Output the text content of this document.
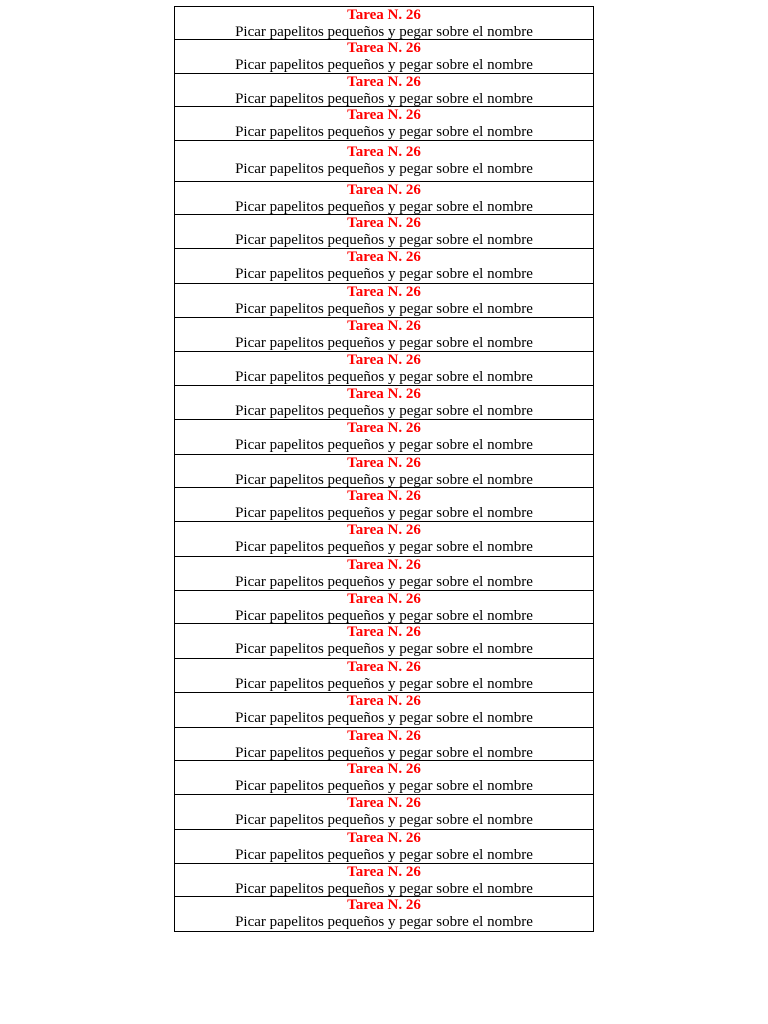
Tarea N. 26
Picar papelitos pequeños y pegar sobre el nombre
Tarea N. 26
Picar papelitos pequeños y pegar sobre el nombre
Tarea N. 26
Picar papelitos pequeños y pegar sobre el nombre
Tarea N. 26
Picar papelitos pequeños y pegar sobre el nombre
Tarea N. 26
Picar papelitos pequeños y pegar sobre el nombre
Tarea N. 26
Picar papelitos pequeños y pegar sobre el nombre
Tarea N. 26
Picar papelitos pequeños y pegar sobre el nombre
Tarea N. 26
Picar papelitos pequeños y pegar sobre el nombre
Tarea N. 26
Picar papelitos pequeños y pegar sobre el nombre
Tarea N. 26
Picar papelitos pequeños y pegar sobre el nombre
Tarea N. 26
Picar papelitos pequeños y pegar sobre el nombre
Tarea N. 26
Picar papelitos pequeños y pegar sobre el nombre
Tarea N. 26
Picar papelitos pequeños y pegar sobre el nombre
Tarea N. 26
Picar papelitos pequeños y pegar sobre el nombre
Tarea N. 26
Picar papelitos pequeños y pegar sobre el nombre
Tarea N. 26
Picar papelitos pequeños y pegar sobre el nombre
Tarea N. 26
Picar papelitos pequeños y pegar sobre el nombre
Tarea N. 26
Picar papelitos pequeños y pegar sobre el nombre
Tarea N. 26
Picar papelitos pequeños y pegar sobre el nombre
Tarea N. 26
Picar papelitos pequeños y pegar sobre el nombre
Tarea N. 26
Picar papelitos pequeños y pegar sobre el nombre
Tarea N. 26
Picar papelitos pequeños y pegar sobre el nombre
Tarea N. 26
Picar papelitos pequeños y pegar sobre el nombre
Tarea N. 26
Picar papelitos pequeños y pegar sobre el nombre
Tarea N. 26
Picar papelitos pequeños y pegar sobre el nombre
Tarea N. 26
Picar papelitos pequeños y pegar sobre el nombre
Tarea N. 26
Picar papelitos pequeños y pegar sobre el nombre
